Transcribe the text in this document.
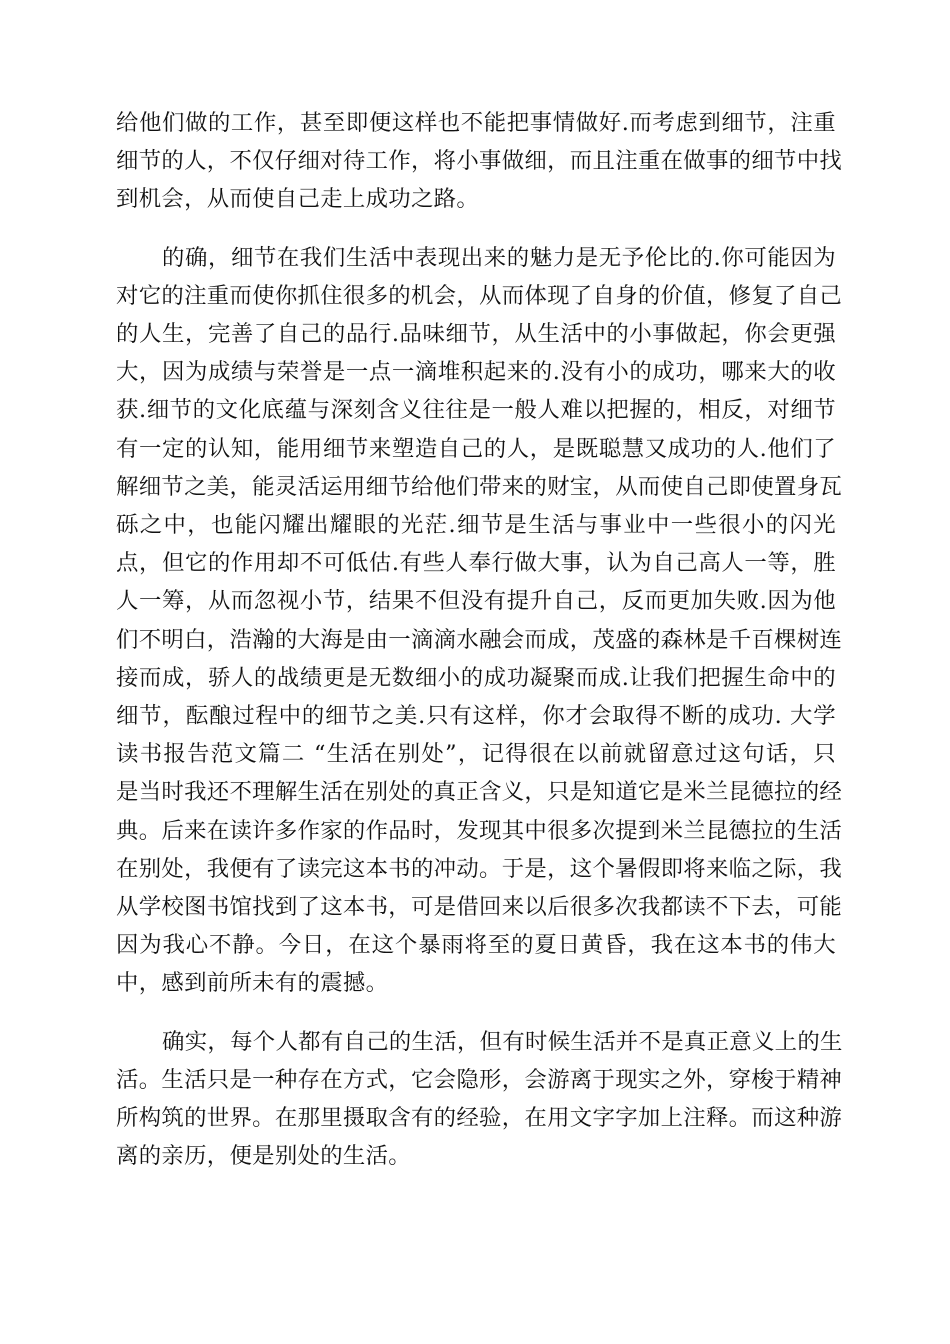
给他们做的工作，甚至即便这样也不能把事情做好.而考虑到细节，注重
细节的人，不仅仔细对待工作，将小事做细，而且注重在做事的细节中找
到机会，从而使自己走上成功之路。

的确，细节在我们生活中表现出来的魅力是无予伦比的.你可能因为
对它的注重而使你抓住很多的机会，从而体现了自身的价值，修复了自己
的人生，完善了自己的品行.品味细节，从生活中的小事做起，你会更强
大，因为成绩与荣誉是一点一滴堆积起来的.没有小的成功，哪来大的收
获.细节的文化底蕴与深刻含义往往是一般人难以把握的，相反，对细节
有一定的认知，能用细节来塑造自己的人，是既聪慧又成功的人.他们了
解细节之美，能灵活运用细节给他们带来的财宝，从而使自己即使置身瓦
砾之中，也能闪耀出耀眼的光茫.细节是生活与事业中一些很小的闪光
点，但它的作用却不可低估.有些人奉行做大事，认为自己高人一等，胜
人一筹，从而忽视小节，结果不但没有提升自己，反而更加失败.因为他
们不明白，浩瀚的大海是由一滴滴水融会而成，茂盛的森林是千百棵树连
接而成，骄人的战绩更是无数细小的成功凝聚而成.让我们把握生命中的
细节，酝酿过程中的细节之美.只有这样，你才会取得不断的成功. 大学
读书报告范文篇二 “生活在别处”，记得很在以前就留意过这句话，只
是当时我还不理解生活在别处的真正含义，只是知道它是米兰昆德拉的经
典。后来在读许多作家的作品时，发现其中很多次提到米兰昆德拉的生活
在别处，我便有了读完这本书的冲动。于是，这个暑假即将来临之际，我
从学校图书馆找到了这本书，可是借回来以后很多次我都读不下去，可能
因为我心不静。今日，在这个暴雨将至的夏日黄昏，我在这本书的伟大
中，感到前所未有的震撼。

确实，每个人都有自己的生活，但有时候生活并不是真正意义上的生
活。生活只是一种存在方式，它会隐形，会游离于现实之外，穿梭于精神
所构筑的世界。在那里摄取含有的经验，在用文字字加上注释。而这种游
离的亲历，便是别处的生活。
